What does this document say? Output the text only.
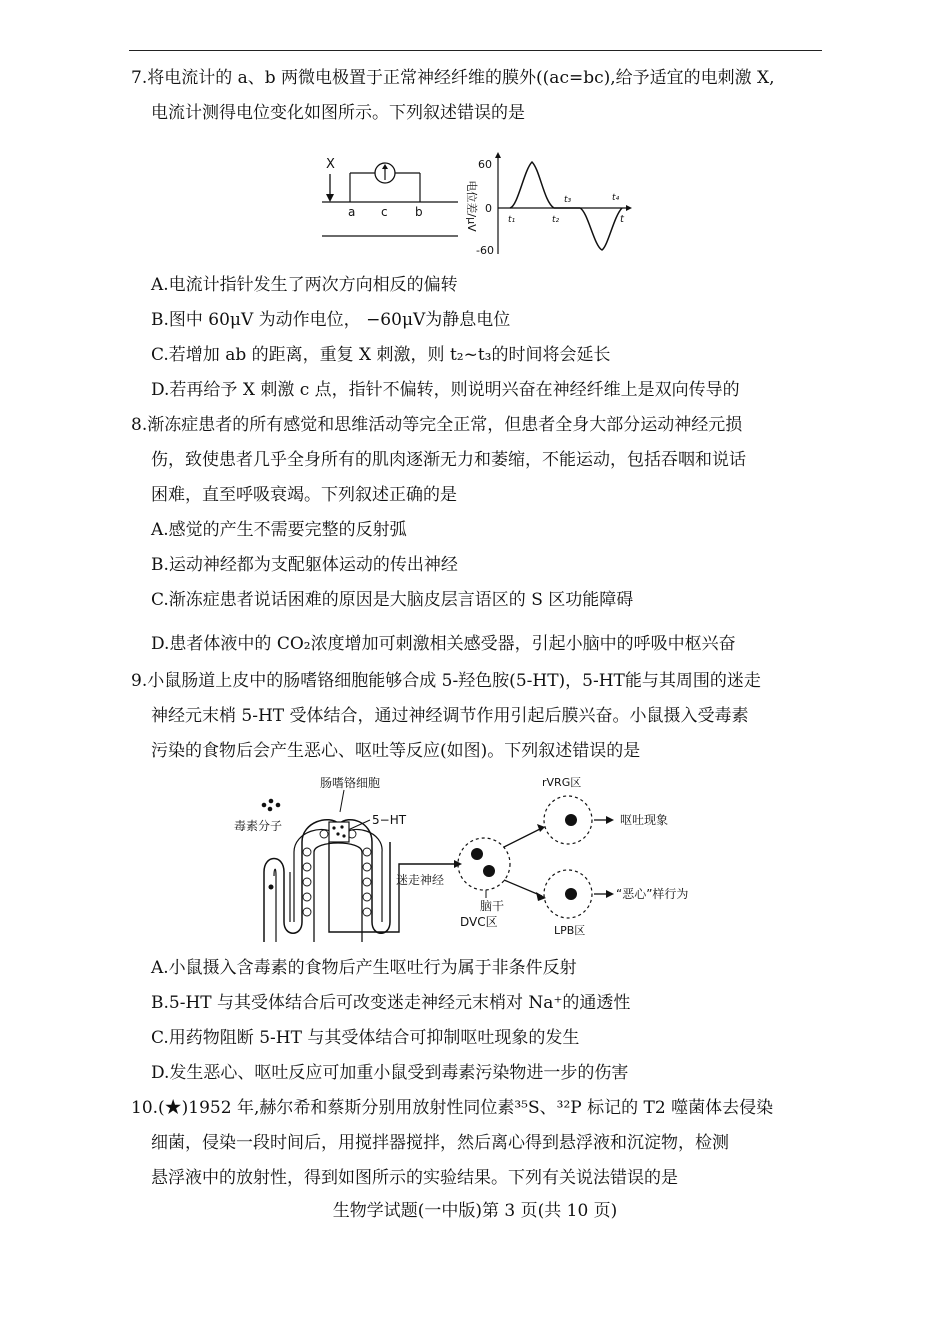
7.将电流计的 a、b 两微电极置于正常神经纤维的膜外((ac=bc),给予适宜的电刺激 X,
电流计测得电位变化如图所示。下列叙述错误的是
X
a c b	电位差/μV
60
0
-60
t₁	t₂
t₃	t₄
t
A.电流计指针发生了两次方向相反的偏转
B.图中 60μV 为动作电位， −60μV为静息电位
C.若增加 ab 的距离，重复 X 刺激，则 t₂~t₃的时间将会延长
D.若再给予 X 刺激 c 点，指针不偏转，则说明兴奋在神经纤维上是双向传导的
8.渐冻症患者的所有感觉和思维活动等完全正常，但患者全身大部分运动神经元损
伤，致使患者几乎全身所有的肌肉逐渐无力和萎缩，不能运动，包括吞咽和说话
困难，直至呼吸衰竭。下列叙述正确的是
A.感觉的产生不需要完整的反射弧
B.运动神经都为支配躯体运动的传出神经
C.渐冻症患者说话困难的原因是大脑皮层言语区的 S 区功能障碍
D.患者体液中的 CO₂浓度增加可刺激相关感受器，引起小脑中的呼吸中枢兴奋
9.小鼠肠道上皮中的肠嗜铬细胞能够合成 5-羟色胺(5-HT)，5-HT能与其周围的迷走
神经元末梢 5-HT 受体结合，通过神经调节作用引起后膜兴奋。小鼠摄入受毒素
污染的食物后会产生恶心、呕吐等反应(如图)。下列叙述错误的是
肠嗜铬细胞
毒素分子	5−HT
迷走神经
脑干
DVC区
rVRG区
呕吐现象
LPB区
“恶心”样行为
A.小鼠摄入含毒素的食物后产生呕吐行为属于非条件反射
B.5-HT 与其受体结合后可改变迷走神经元末梢对 Na⁺的通透性
C.用药物阻断 5-HT 与其受体结合可抑制呕吐现象的发生
D.发生恶心、呕吐反应可加重小鼠受到毒素污染物进一步的伤害
10.(★)1952 年,赫尔希和蔡斯分别用放射性同位素³⁵S、³²P 标记的 T2 噬菌体去侵染
细菌，侵染一段时间后，用搅拌器搅拌，然后离心得到悬浮液和沉淀物，检测
悬浮液中的放射性，得到如图所示的实验结果。下列有关说法错误的是
生物学试题(一中版)第 3 页(共 10 页)
